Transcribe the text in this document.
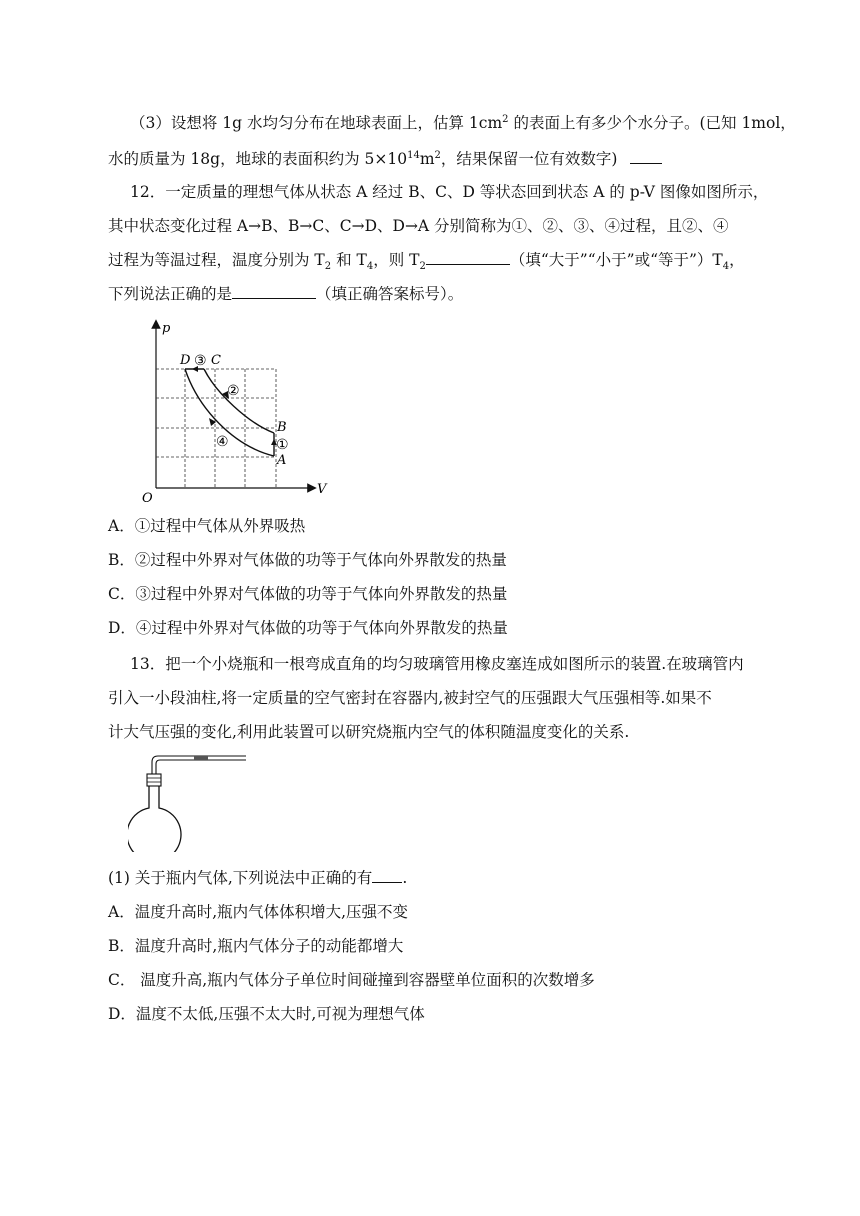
（3）设想将 1g 水均匀分布在地球表面上，估算 $1cm^2$ 的表面上有多少个水分子。(已知 1mol，
水的质量为 18g，地球的表面积约为 $5\times 10^{14}m^2$，结果保留一位有效数字)
12．一定质量的理想气体从状态 A 经过 B、C、D 等状态回到状态 A 的 p-V 图像如图所示，
其中状态变化过程 A→B、B→C、C→D、D→A 分别简称为①、②、③、④过程，且②、④
过程为等温过程，温度分别为 $T_2$ 和 $T_4$，则 $T_2$	（填“大于”“小于”或“等于$”)T_4$，
下列说法正确的是	（填正确答案标号）。
p
V
O
D ③ C
②
B
①
A
④
A．①过程中气体从外界吸热
B．②过程中外界对气体做的功等于气体向外界散发的热量
C．③过程中外界对气体做的功等于气体向外界散发的热量
D．④过程中外界对气体做的功等于气体向外界散发的热量
13．把一个小烧瓶和一根弯成直角的均匀玻璃管用橡皮塞连成如图所示的装置.在玻璃管内
引入一小段油柱,将一定质量的空气密封在容器内,被封空气的压强跟大气压强相等.如果不
计大气压强的变化,利用此装置可以研究烧瓶内空气的体积随温度变化的关系.
(1) 关于瓶内气体,下列说法中正确的有 .
A．温度升高时,瓶内气体体积增大,压强不变
B．温度升高时,瓶内气体分子的动能都增大
C． 温度升高,瓶内气体分子单位时间碰撞到容器壁单位面积的次数增多
D．温度不太低,压强不太大时,可视为理想气体
